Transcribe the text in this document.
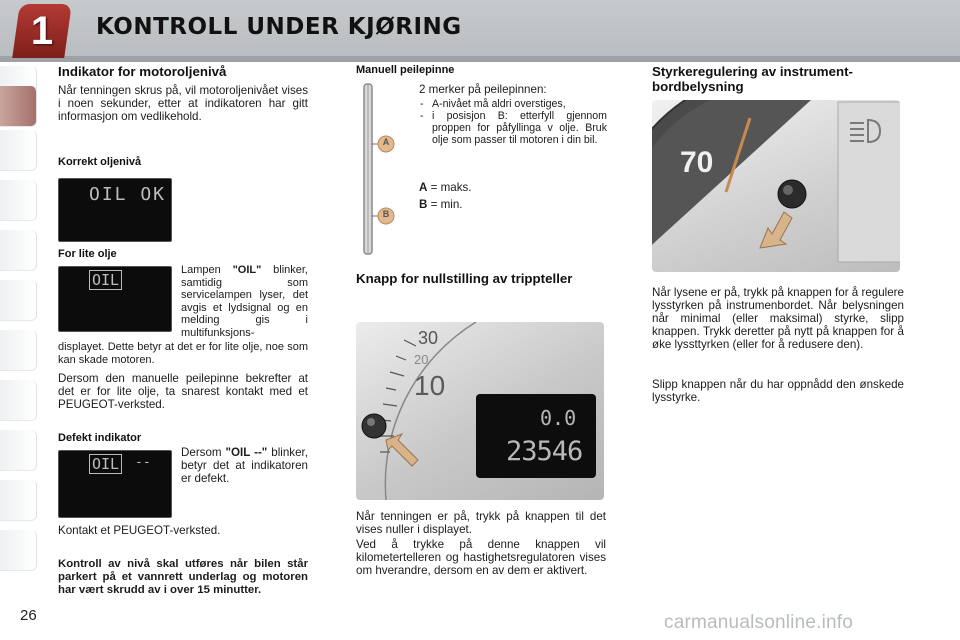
1	KONTROLL UNDER KJØRING
26
Indikator for motoroljenivå
Når tenningen skrus på, vil motoroljenivået vises i noen sekunder, etter at indikatoren har gitt informasjon om vedlikehold.
Korrekt oljenivå
OIL OK
For lite olje
OIL
Lampen "OIL" blinker, samtidig som servicelampen lyser, det avgis et lydsignal og en melding gis i multifunksjons-
displayet. Dette betyr at det er for lite olje, noe som kan skade motoren.
Dersom den manuelle peilepinne bekrefter at det er for lite olje, ta snarest kontakt med et PEUGEOT-verksted.
Defekt indikator
OIL --
Dersom "OIL --" blinker, betyr det at indikatoren er defekt.
Kontakt et PEUGEOT-verksted.
Kontroll av nivå skal utføres når bilen står parkert på et vannrett underlag og motoren har vært skrudd av i over 15 minutter.
Manuell peilepinne
A
B
2 merker på peilepinnen:
- A-nivået må aldri overstiges,
- i posisjon B: etterfyll gjennom proppen for påfyllinga v olje. Bruk olje som passer til motoren i din bil.
A = maks.
B = min.
Knapp for nullstilling av trippteller
30
20
10
0.0
23546
Når tenningen er på, trykk på knappen til det vises nuller i displayet.
Ved å trykke på denne knappen vil kilometertelleren og hastighetsregulatoren vises om hverandre, dersom en av dem er aktivert.
Styrkeregulering av instrument-bordbelysning
70
Når lysene er på, trykk på knappen for å regulere lysstyrken på instrumenbordet. Når belysningen når minimal (eller maksimal) styrke, slipp knappen. Trykk deretter på nytt på knappen for å øke lyssttyrken (eller for å redusere den).
Slipp knappen når du har oppnådd den ønskede lysstyrke.
carmanualsonline.info
